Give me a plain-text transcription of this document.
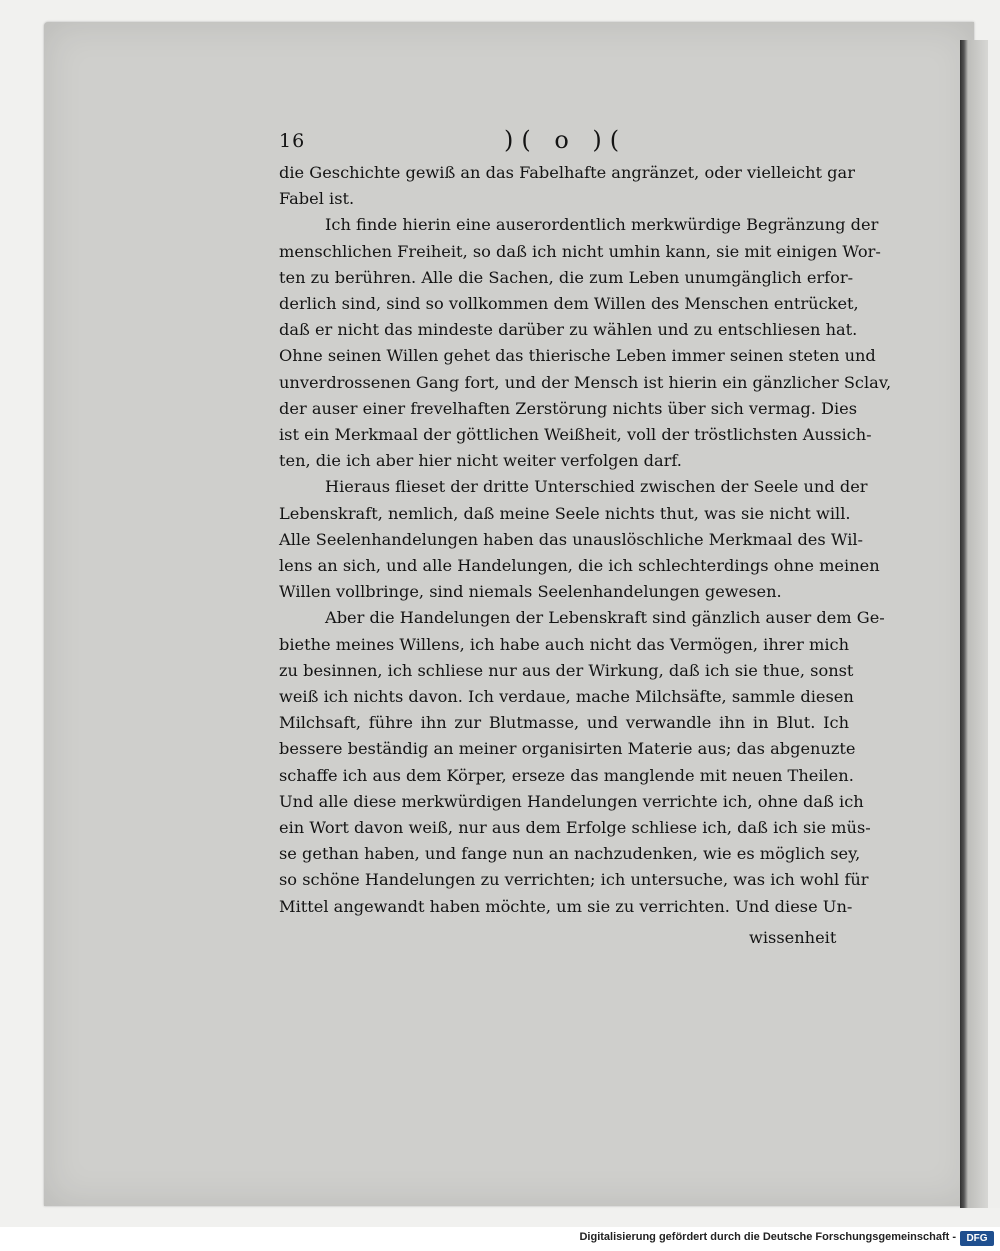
16	)( o )(
die Geschichte gewiß an das Fabelhafte angränzet, oder vielleicht gar
Fabel ist.
Ich finde hierin eine auserordentlich merkwürdige Begränzung der
menschlichen Freiheit, so daß ich nicht umhin kann, sie mit einigen Wor-
ten zu berühren. Alle die Sachen, die zum Leben unumgänglich erfor-
derlich sind, sind so vollkommen dem Willen des Menschen entrücket,
daß er nicht das mindeste darüber zu wählen und zu entschliesen hat.
Ohne seinen Willen gehet das thierische Leben immer seinen steten und
unverdrossenen Gang fort, und der Mensch ist hierin ein gänzlicher Sclav,
der auser einer frevelhaften Zerstörung nichts über sich vermag. Dies
ist ein Merkmaal der göttlichen Weißheit, voll der tröstlichsten Aussich-
ten, die ich aber hier nicht weiter verfolgen darf.
Hieraus flieset der dritte Unterschied zwischen der Seele und der
Lebenskraft, nemlich, daß meine Seele nichts thut, was sie nicht will.
Alle Seelenhandelungen haben das unauslöschliche Merkmaal des Wil-
lens an sich, und alle Handelungen, die ich schlechterdings ohne meinen
Willen vollbringe, sind niemals Seelenhandelungen gewesen.
Aber die Handelungen der Lebenskraft sind gänzlich auser dem Ge-
biethe meines Willens, ich habe auch nicht das Vermögen, ihrer mich
zu besinnen, ich schliese nur aus der Wirkung, daß ich sie thue, sonst
weiß ich nichts davon. Ich verdaue, mache Milchsäfte, sammle diesen
Milchsaft, führe ihn zur Blutmasse, und verwandle ihn in Blut. Ich
bessere beständig an meiner organisirten Materie aus; das abgenuzte
schaffe ich aus dem Körper, erseze das manglende mit neuen Theilen.
Und alle diese merkwürdigen Handelungen verrichte ich, ohne daß ich
ein Wort davon weiß, nur aus dem Erfolge schliese ich, daß ich sie müs-
se gethan haben, und fange nun an nachzudenken, wie es möglich sey,
so schöne Handelungen zu verrichten; ich untersuche, was ich wohl für
Mittel angewandt haben möchte, um sie zu verrichten. Und diese Un-
wissenheit
Digitalisierung gefördert durch die Deutsche Forschungsgemeinschaft -	DFG
